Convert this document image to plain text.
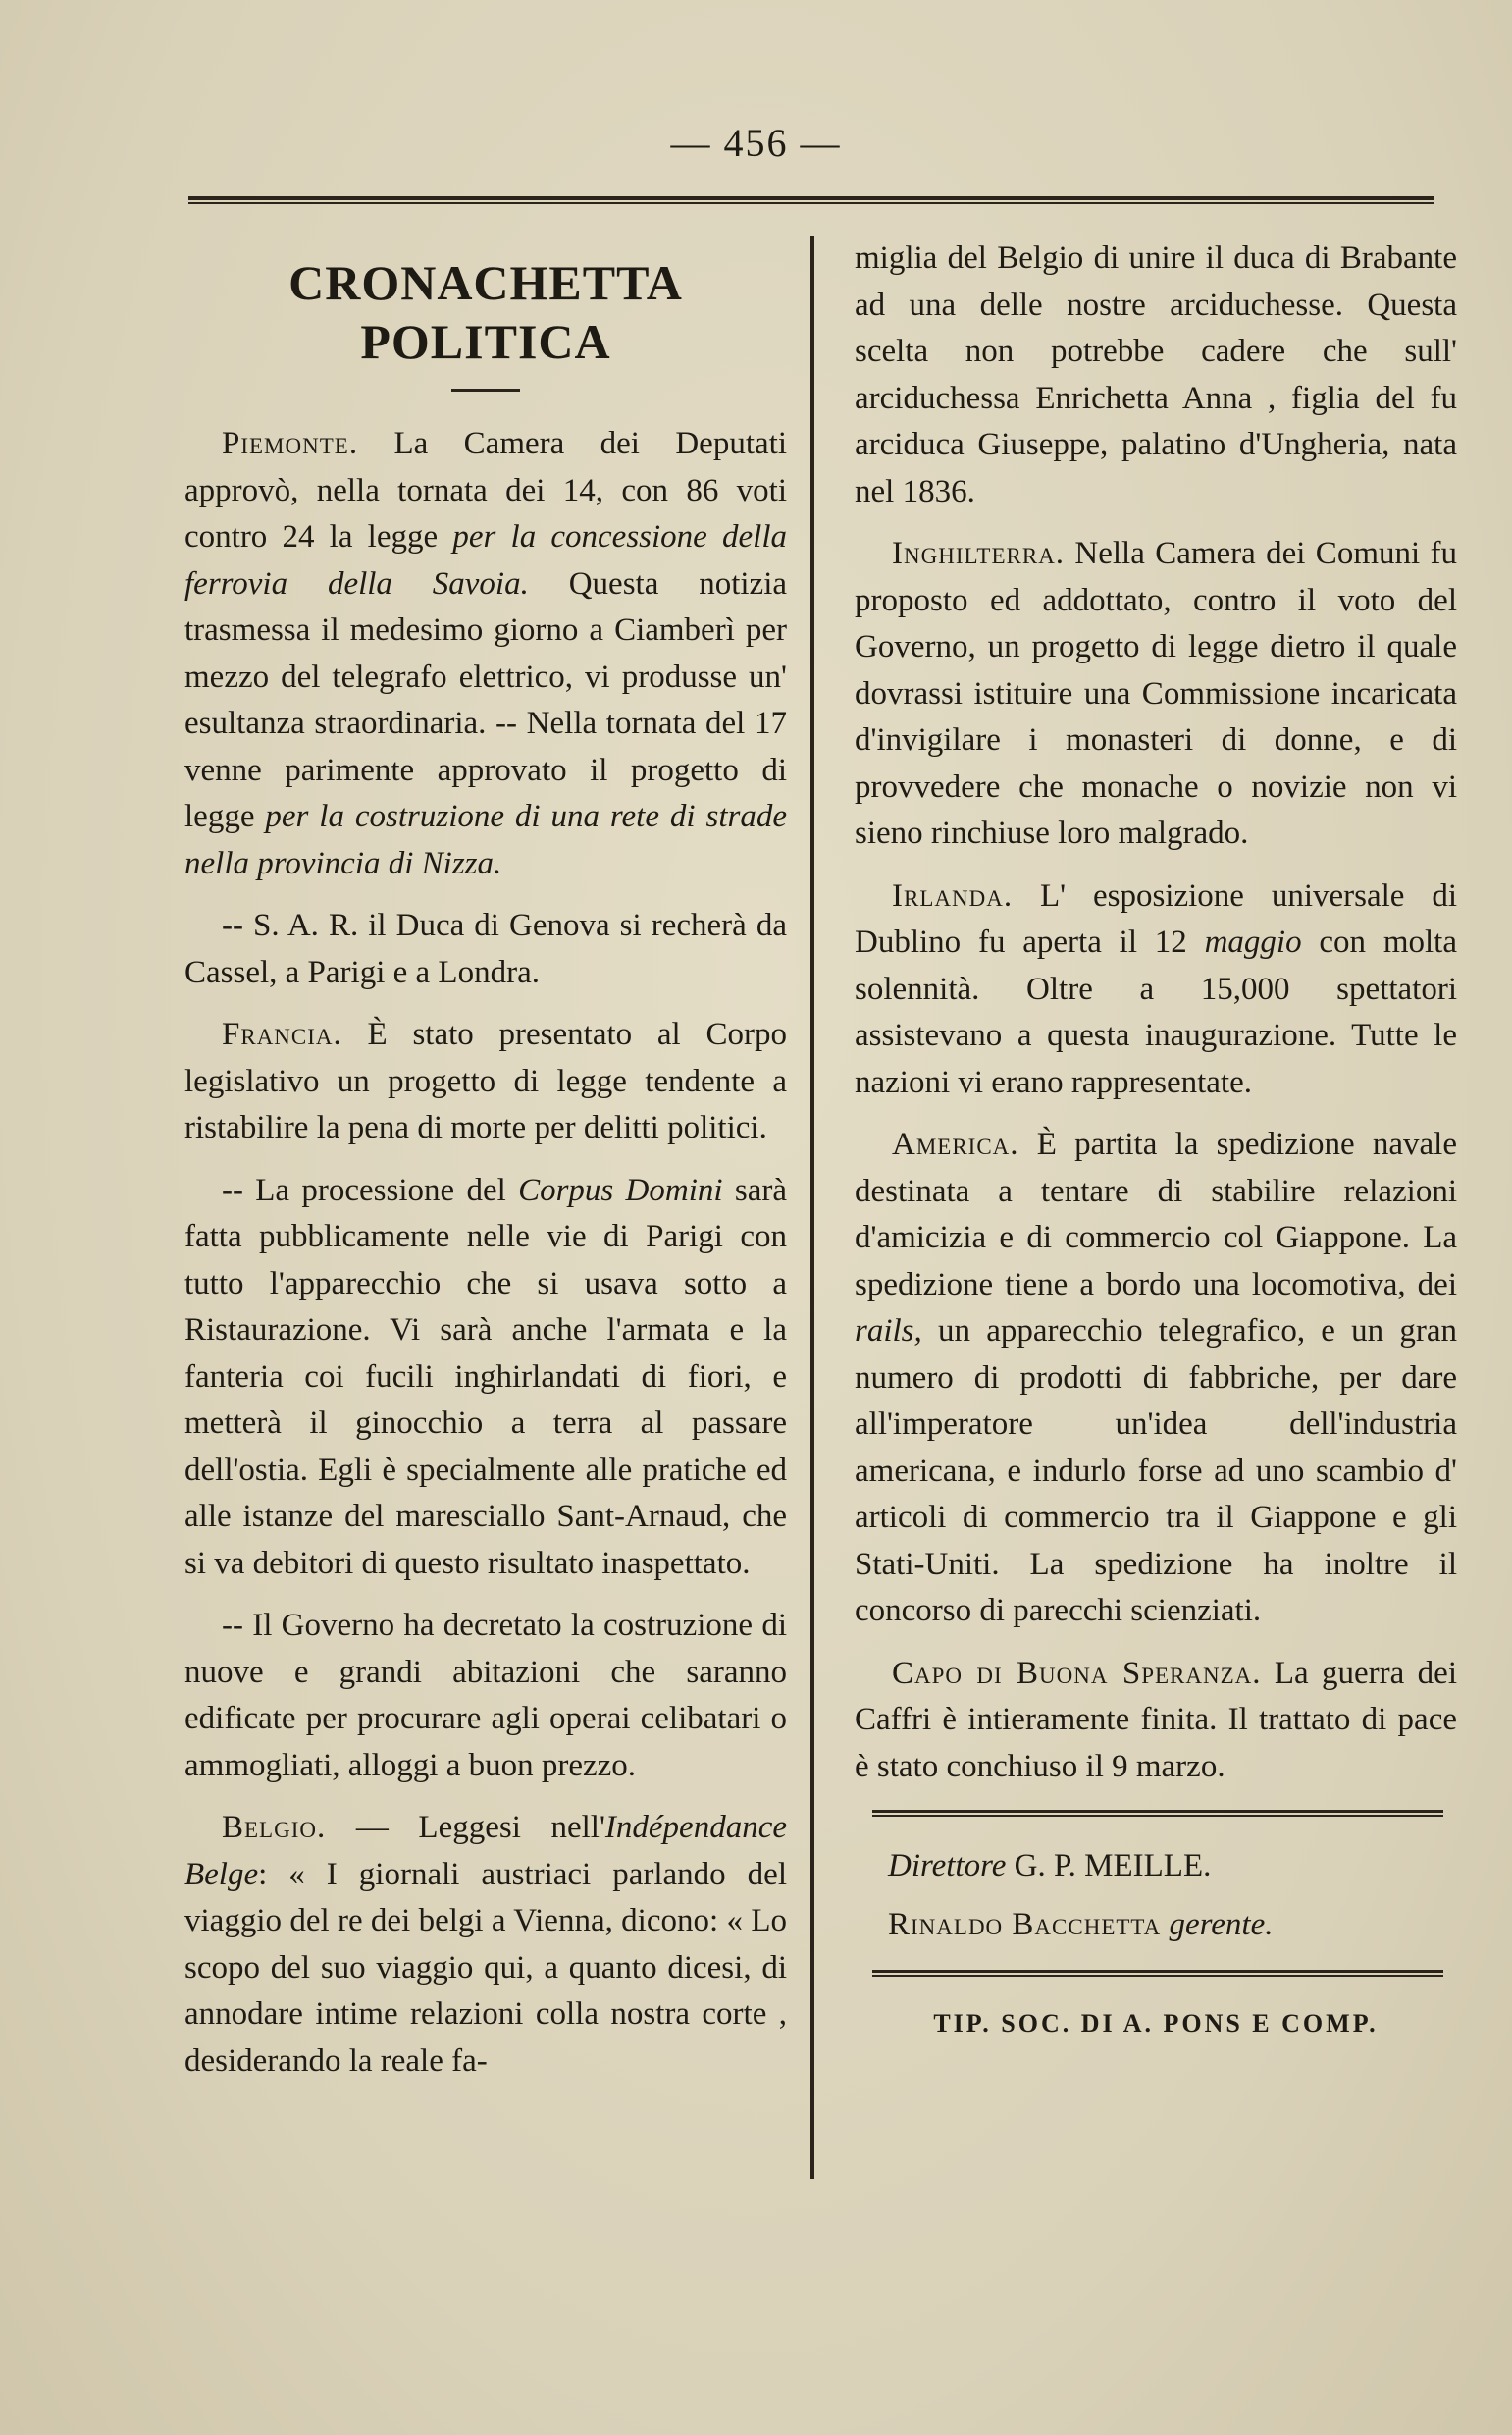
— 456 —
CRONACHETTA POLITICA

Piemonte. La Camera dei Deputati approvò, nella tornata dei 14, con 86 voti contro 24 la legge per la concessione della ferrovia della Savoia. Questa notizia trasmessa il medesimo giorno a Ciamberì per mezzo del telegrafo elettrico, vi produsse un' esultanza straordinaria. -- Nella tornata del 17 venne parimente approvato il progetto di legge per la costruzione di una rete di strade nella provincia di Nizza.

-- S. A. R. il Duca di Genova si recherà da Cassel, a Parigi e a Londra.

Francia. È stato presentato al Corpo legislativo un progetto di legge tendente a ristabilire la pena di morte per delitti politici.

-- La processione del Corpus Domini sarà fatta pubblicamente nelle vie di Parigi con tutto l'apparecchio che si usava sotto a Ristaurazione. Vi sarà anche l'armata e la fanteria coi fucili inghirlandati di fiori, e metterà il ginocchio a terra al passare dell'ostia. Egli è specialmente alle pratiche ed alle istanze del maresciallo Sant-Arnaud, che si va debitori di questo risultato inaspettato.

-- Il Governo ha decretato la costruzione di nuove e grandi abitazioni che saranno edificate per procurare agli operai celibatari o ammogliati, alloggi a buon prezzo.

Belgio. — Leggesi nell'Indépendance Belge: « I giornali austriaci parlando del viaggio del re dei belgi a Vienna, dicono: « Lo scopo del suo viaggio qui, a quanto dicesi, di annodare intime relazioni colla nostra corte , desiderando la reale fa-

miglia del Belgio di unire il duca di Brabante ad una delle nostre arciduchesse. Questa scelta non potrebbe cadere che sull' arciduchessa Enrichetta Anna , figlia del fu arciduca Giuseppe, palatino d'Ungheria, nata nel 1836.

Inghilterra. Nella Camera dei Comuni fu proposto ed addottato, contro il voto del Governo, un progetto di legge dietro il quale dovrassi istituire una Commissione incaricata d'invigilare i monasteri di donne, e di provvedere che monache o novizie non vi sieno rinchiuse loro malgrado.

Irlanda. L' esposizione universale di Dublino fu aperta il 12 maggio con molta solennità. Oltre a 15,000 spettatori assistevano a questa inaugurazione. Tutte le nazioni vi erano rappresentate.

America. È partita la spedizione navale destinata a tentare di stabilire relazioni d'amicizia e di commercio col Giappone. La spedizione tiene a bordo una locomotiva, dei rails, un apparecchio telegrafico, e un gran numero di prodotti di fabbriche, per dare all'imperatore un'idea dell'industria americana, e indurlo forse ad uno scambio d' articoli di commercio tra il Giappone e gli Stati-Uniti. La spedizione ha inoltre il concorso di parecchi scienziati.

Capo di Buona Speranza. La guerra dei Caffri è intieramente finita. Il trattato di pace è stato conchiuso il 9 marzo.

Direttore G. P. MEILLE.
Rinaldo Bacchetta gerente.
TIP. SOC. DI A. PONS E COMP.
